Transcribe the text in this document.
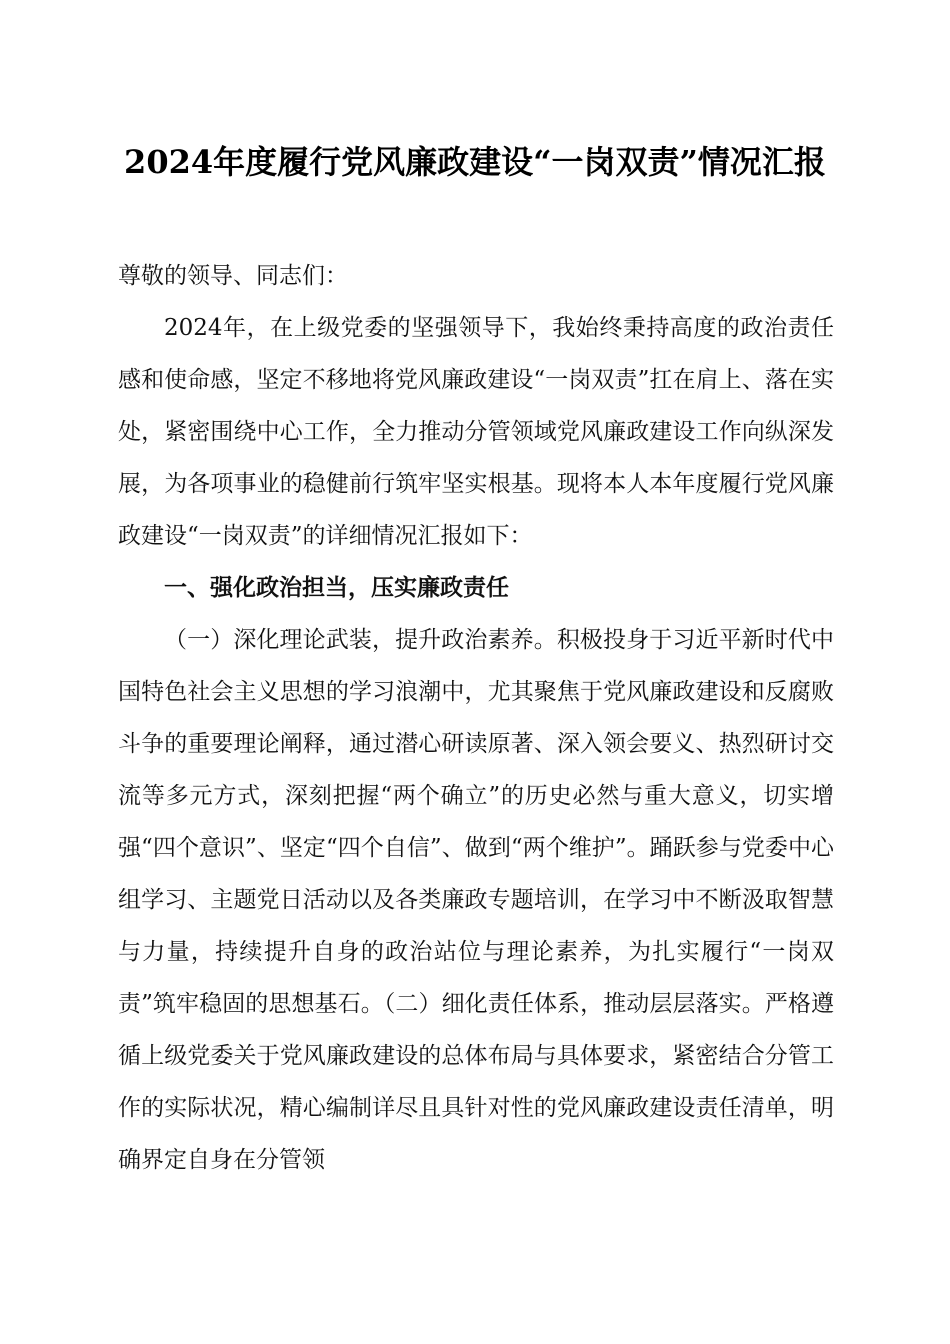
2024年度履行党风廉政建设“一岗双责”情况汇报

尊敬的领导、同志们：

2024年，在上级党委的坚强领导下，我始终秉持高度的政治责任感和使命感，坚定不移地将党风廉政建设“一岗双责”扛在肩上、落在实处，紧密围绕中心工作，全力推动分管领域党风廉政建设工作向纵深发展，为各项事业的稳健前行筑牢坚实根基。现将本人本年度履行党风廉政建设“一岗双责”的详细情况汇报如下：

一、强化政治担当，压实廉政责任

（一）深化理论武装，提升政治素养。积极投身于习近平新时代中国特色社会主义思想的学习浪潮中，尤其聚焦于党风廉政建设和反腐败斗争的重要理论阐释，通过潜心研读原著、深入领会要义、热烈研讨交流等多元方式，深刻把握“两个确立”的历史必然与重大意义，切实增强“四个意识”、坚定“四个自信”、做到“两个维护”。踊跃参与党委中心组学习、主题党日活动以及各类廉政专题培训，在学习中不断汲取智慧与力量，持续提升自身的政治站位与理论素养，为扎实履行“一岗双责”筑牢稳固的思想基石。（二）细化责任体系，推动层层落实。严格遵循上级党委关于党风廉政建设的总体布局与具体要求，紧密结合分管工作的实际状况，精心编制详尽且具针对性的党风廉政建设责任清单，明确界定自身在分管领
